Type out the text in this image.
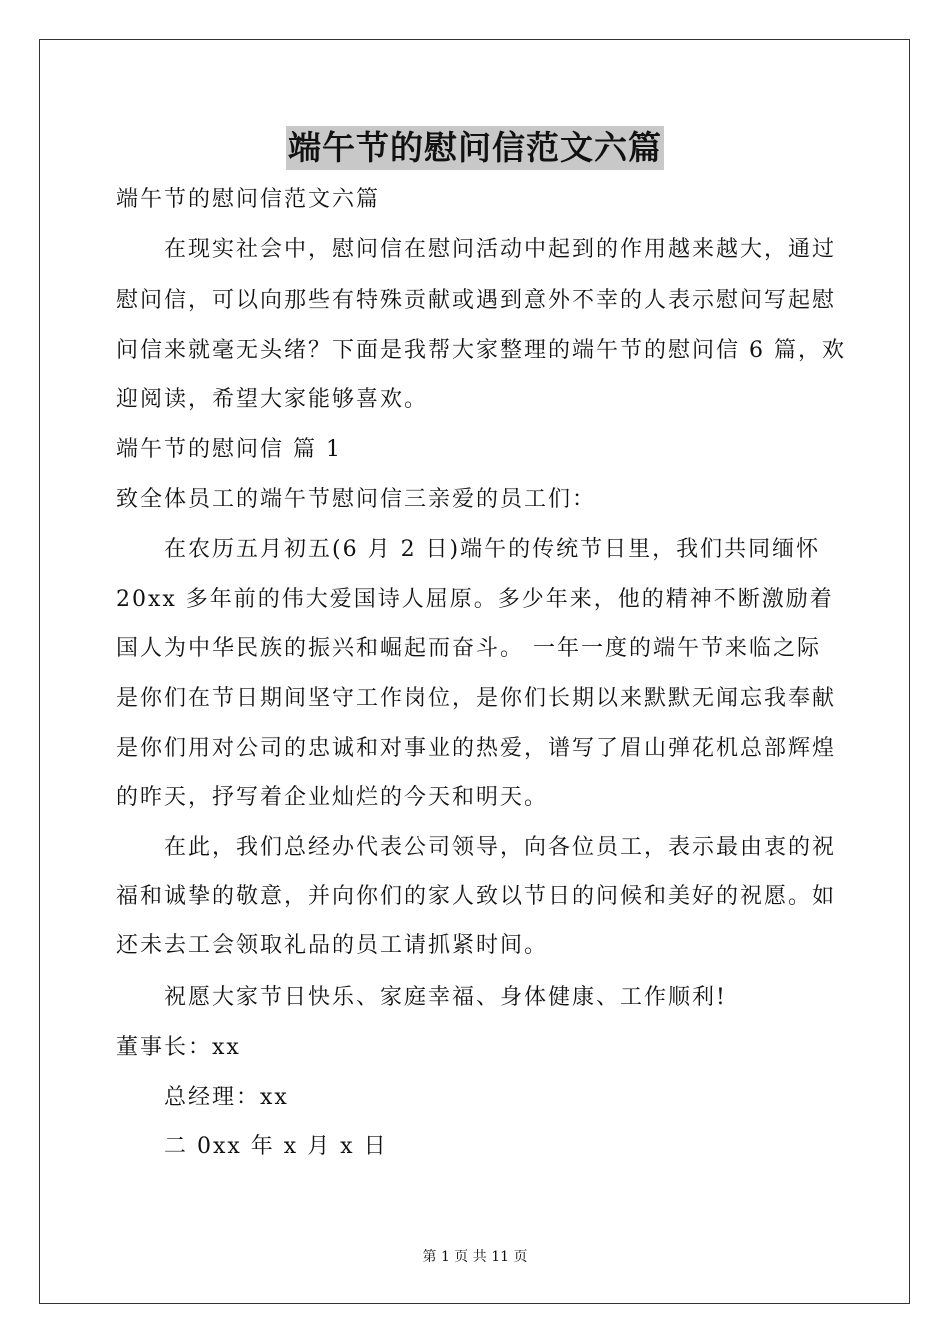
端午节的慰问信范文六篇
端午节的慰问信范文六篇
在现实社会中，慰问信在慰问活动中起到的作用越来越大，通过
慰问信，可以向那些有特殊贡献或遇到意外不幸的人表示慰问写起慰
问信来就毫无头绪？下面是我帮大家整理的端午节的慰问信 6 篇，欢
迎阅读，希望大家能够喜欢。
端午节的慰问信 篇 1
致全体员工的端午节慰问信三亲爱的员工们：
在农历五月初五(6 月 2 日)端午的传统节日里，我们共同缅怀
20xx 多年前的伟大爱国诗人屈原。多少年来，他的精神不断激励着
国人为中华民族的振兴和崛起而奋斗。 一年一度的端午节来临之际
是你们在节日期间坚守工作岗位，是你们长期以来默默无闻忘我奉献
是你们用对公司的忠诚和对事业的热爱，谱写了眉山弹花机总部辉煌
的昨天，抒写着企业灿烂的今天和明天。
在此，我们总经办代表公司领导，向各位员工，表示最由衷的祝
福和诚挚的敬意，并向你们的家人致以节日的问候和美好的祝愿。如
还未去工会领取礼品的员工请抓紧时间。
祝愿大家节日快乐、家庭幸福、身体健康、工作顺利!
董事长：xx
总经理：xx
二 0xx 年 x 月 x 日
第 1 页 共 11 页
